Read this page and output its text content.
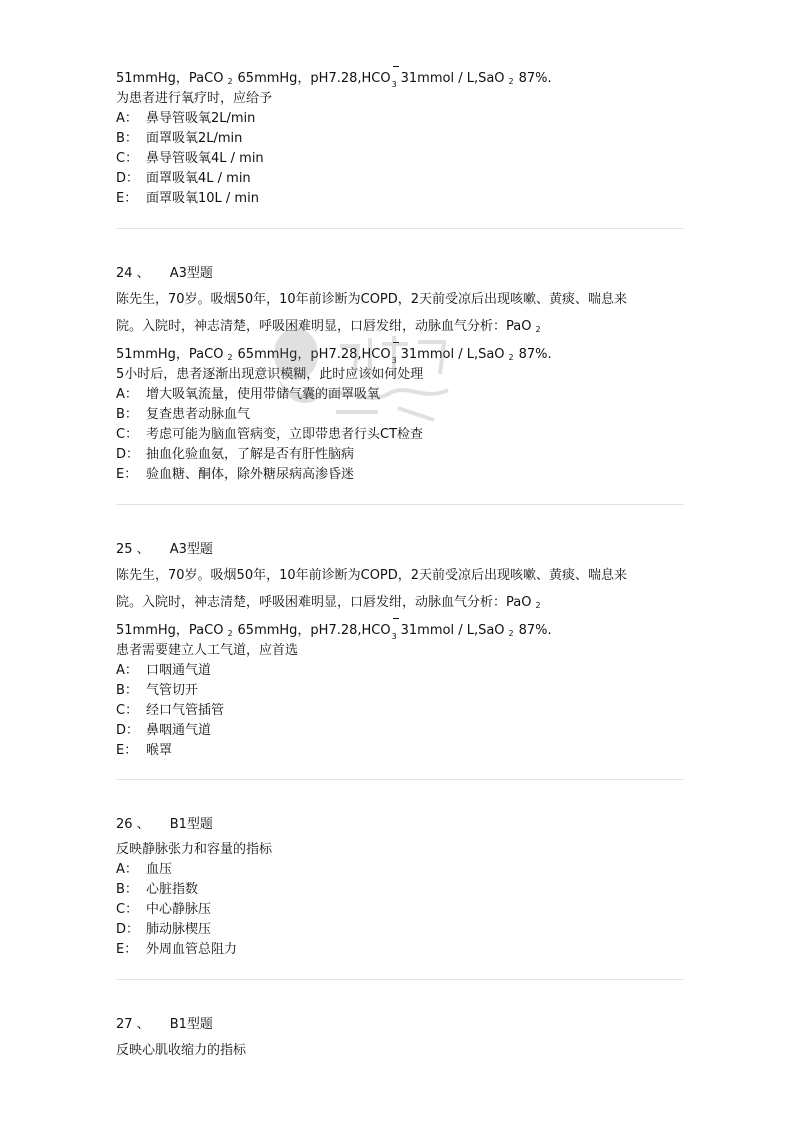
51mmHg，PaCO 2 65mmHg，pH7.28,HCO 3 31mmol / L,SaO 2 87%.
为患者进行氧疗时，应给予
A： 鼻导管吸氧2L/min
B： 面罩吸氧2L/min
C： 鼻导管吸氧4L / min
D： 面罩吸氧4L / min
E： 面罩吸氧10L / min
24 、 A3型题
陈先生，70岁。吸烟50年，10年前诊断为COPD，2天前受凉后出现咳嗽、黄痰、喘息来
院。入院时，神志清楚，呼吸困难明显，口唇发绀，动脉血气分析：PaO 2
51mmHg，PaCO 2 65mmHg，pH7.28,HCO 3 31mmol / L,SaO 2 87%.
5小时后，患者逐渐出现意识模糊，此时应该如何处理
A： 增大吸氧流量，使用带储气囊的面罩吸氧
B： 复查患者动脉血气
C： 考虑可能为脑血管病变，立即带患者行头CT检查
D： 抽血化验血氨，了解是否有肝性脑病
E： 验血糖、酮体，除外糖尿病高渗昏迷
25 、 A3型题
陈先生，70岁。吸烟50年，10年前诊断为COPD，2天前受凉后出现咳嗽、黄痰、喘息来
院。入院时，神志清楚，呼吸困难明显，口唇发绀，动脉血气分析：PaO 2
51mmHg，PaCO 2 65mmHg，pH7.28,HCO 3 31mmol / L,SaO 2 87%.
患者需要建立人工气道，应首选
A： 口咽通气道
B： 气管切开
C： 经口气管插管
D： 鼻咽通气道
E： 喉罩
26 、 B1型题
反映静脉张力和容量的指标
A： 血压
B： 心脏指数
C： 中心静脉压
D： 肺动脉楔压
E： 外周血管总阻力
27 、 B1型题
反映心肌收缩力的指标
